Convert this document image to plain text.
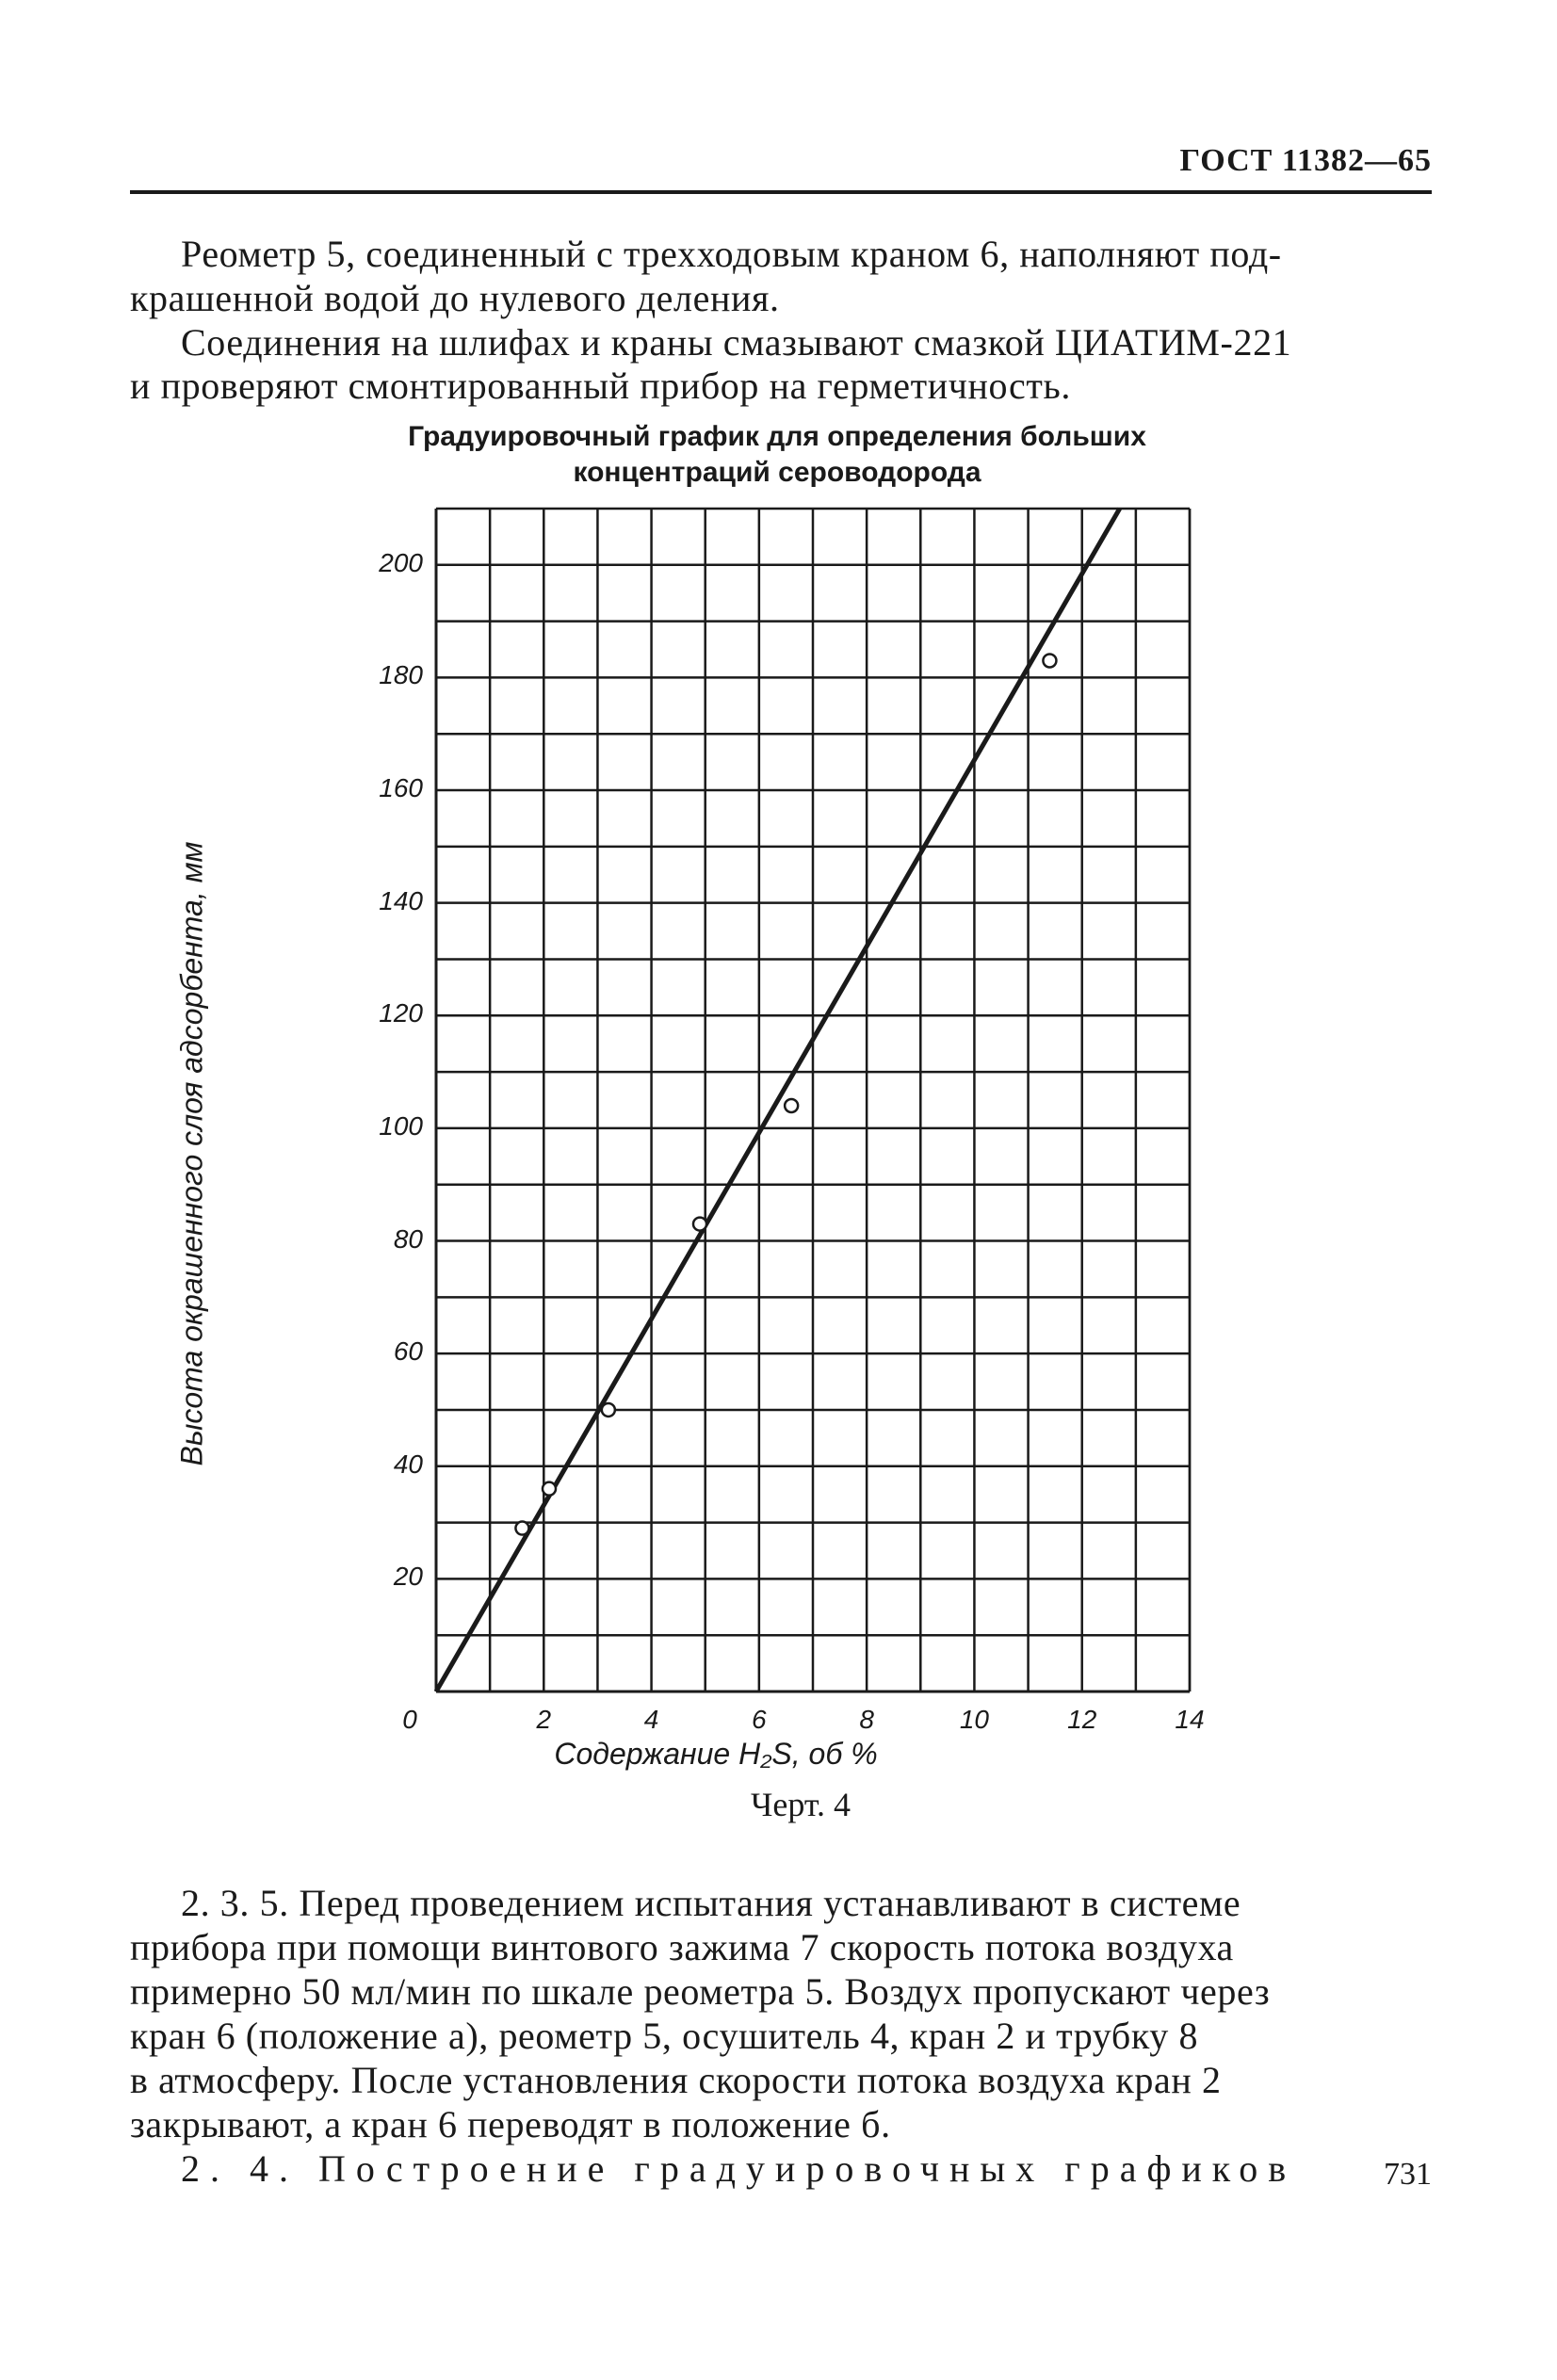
ГОСТ 11382—65
Реометр 5, соединенный с трехходовым краном 6, наполняют под-
крашенной водой до нулевого деления.
Соединения на шлифах и краны смазывают смазкой ЦИАТИМ-221
и проверяют смонтированный прибор на герметичность.
Градуировочный график для определения больших
концентраций сероводорода
Высота окрашенного слоя адсорбента, мм
Содержание H₂S, об %
Черт. 4
20
40
60
80
100
120
140
160
180
200
0	2	4	6	8	10	12	14
2. 3. 5. Перед проведением испытания устанавливают в системе
прибора при помощи винтового зажима 7 скорость потока воздуха
примерно 50 мл/мин по шкале реометра 5. Воздух пропускают через
кран 6 (положение а), реометр 5, осушитель 4, кран 2 и трубку 8
в атмосферу. После установления скорости потока воздуха кран 2
закрывают, а кран 6 переводят в положение б.
2. 4. Построение градуировочных графиков	731
